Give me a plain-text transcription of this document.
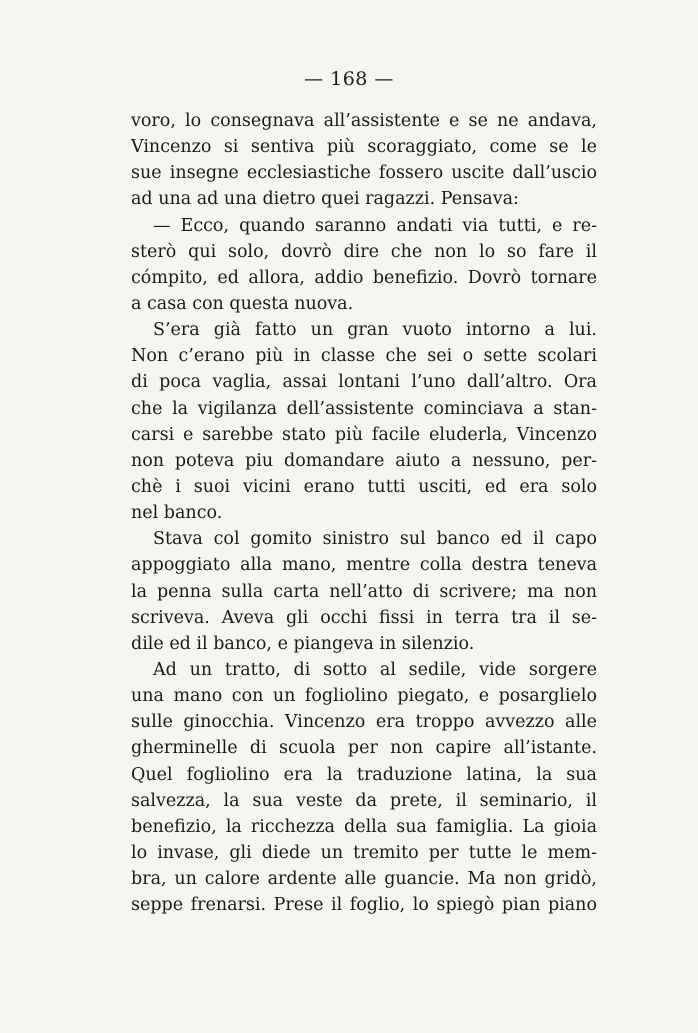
— 168 —
voro, lo consegnava all’assistente e se ne andava,
Vincenzo si sentiva più scoraggiato, come se le
sue insegne ecclesiastiche fossero uscite dall’uscio
ad una ad una dietro quei ragazzi. Pensava:
— Ecco, quando saranno andati via tutti, e re-
sterò qui solo, dovrò dire che non lo so fare il
cómpito, ed allora, addio benefizio. Dovrò tornare
a casa con questa nuova.
S’era già fatto un gran vuoto intorno a lui.
Non c’erano più in classe che sei o sette scolari
di poca vaglia, assai lontani l’uno dall’altro. Ora
che la vigilanza dell’assistente cominciava a stan-
carsi e sarebbe stato più facile eluderla, Vincenzo
non poteva piu domandare aiuto a nessuno, per-
chè i suoi vicini erano tutti usciti, ed era solo
nel banco.
Stava col gomito sinistro sul banco ed il capo
appoggiato alla mano, mentre colla destra teneva
la penna sulla carta nell’atto di scrivere; ma non
scriveva. Aveva gli occhi fissi in terra tra il se-
dile ed il banco, e piangeva in silenzio.
Ad un tratto, di sotto al sedile, vide sorgere
una mano con un fogliolino piegato, e posarglielo
sulle ginocchia. Vincenzo era troppo avvezzo alle
gherminelle di scuola per non capire all’istante.
Quel fogliolino era la traduzione latina, la sua
salvezza, la sua veste da prete, il seminario, il
benefizio, la ricchezza della sua famiglia. La gioia
lo invase, gli diede un tremito per tutte le mem-
bra, un calore ardente alle guancie. Ma non gridò,
seppe frenarsi. Prese il foglio, lo spiegò pian piano
